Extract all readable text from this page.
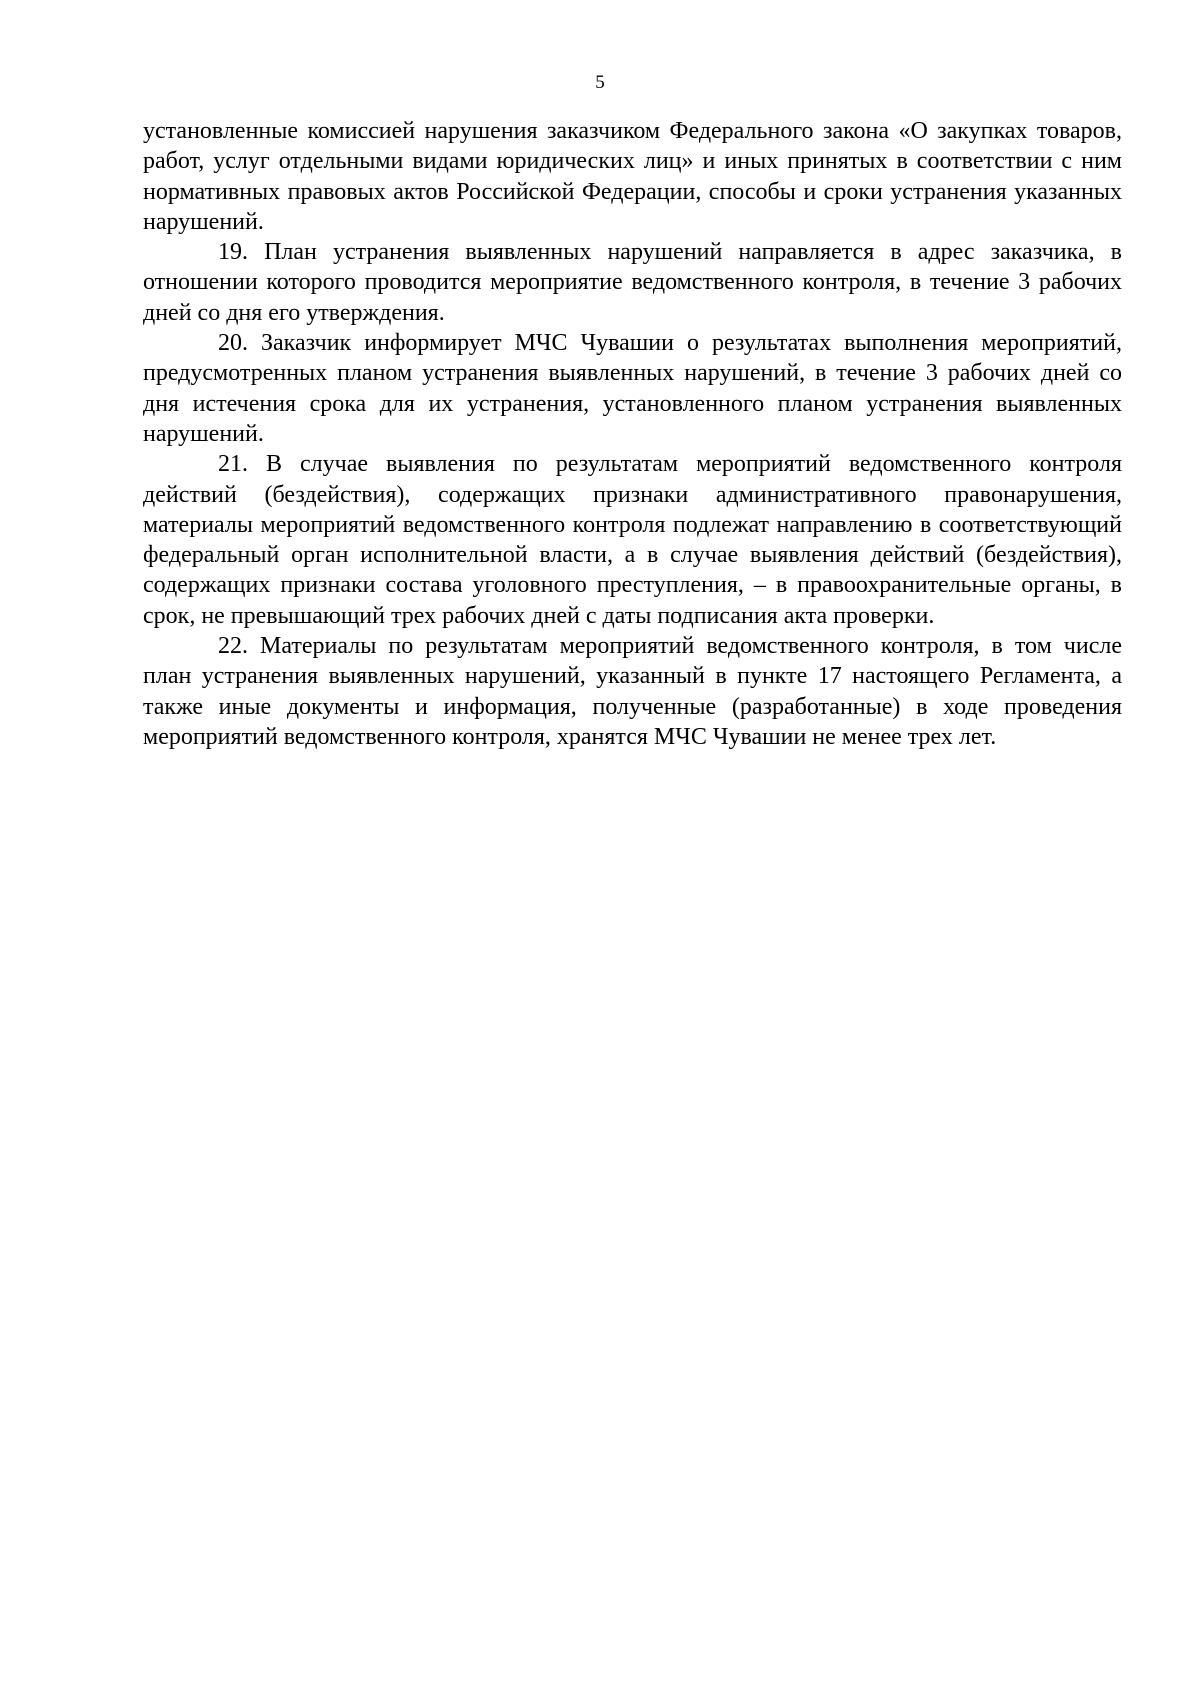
5

установленные комиссией нарушения заказчиком Федерального закона «О закупках товаров, работ, услуг отдельными видами юридических лиц» и иных принятых в соответствии с ним нормативных правовых актов Российской Федерации, способы и сроки устранения указанных нарушений.

19. План устранения выявленных нарушений направляется в адрес заказчика, в отношении которого проводится мероприятие ведомственного контроля, в течение 3 рабочих дней со дня его утверждения.

20. Заказчик информирует МЧС Чувашии о результатах выполнения мероприятий, предусмотренных планом устранения выявленных нарушений, в течение 3 рабочих дней со дня истечения срока для их устранения, установленного планом устранения выявленных нарушений.

21. В случае выявления по результатам мероприятий ведомственного контроля действий (бездействия), содержащих признаки административного правонарушения, материалы мероприятий ведомственного контроля подлежат направлению в соответствующий федеральный орган исполнительной власти, а в случае выявления действий (бездействия), содержащих признаки состава уголовного преступления, – в правоохранительные органы, в срок, не превышающий трех рабочих дней с даты подписания акта проверки.

22. Материалы по результатам мероприятий ведомственного контроля, в том числе план устранения выявленных нарушений, указанный в пункте 17 настоящего Регламента, а также иные документы и информация, полученные (разработанные) в ходе проведения мероприятий ведомственного контроля, хранятся МЧС Чувашии не менее трех лет.
